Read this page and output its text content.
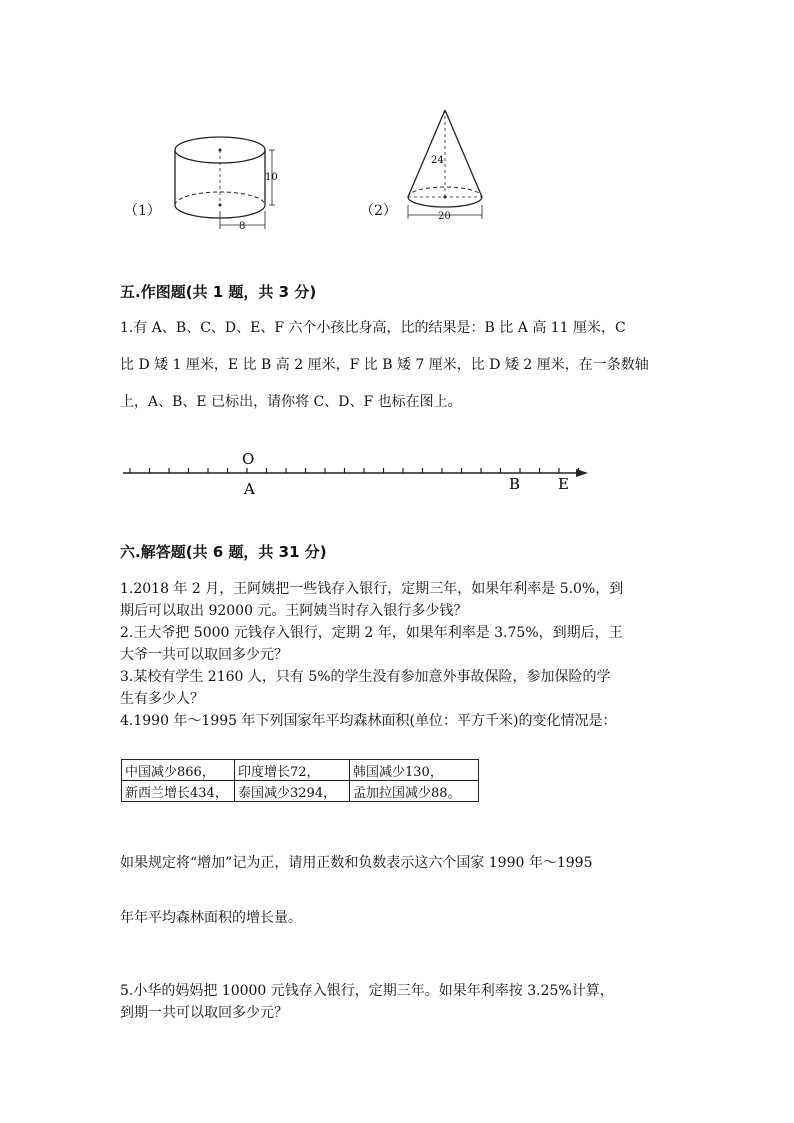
（1）
10
8
（2）
24
20
五.作图题(共 1 题，共 3 分)

1.有 A、B、C、D、E、F 六个小孩比身高，比的结果是：B 比 A 高 11 厘米，C

比 D 矮 1 厘米，E 比 B 高 2 厘米，F 比 B 矮 7 厘米，比 D 矮 2 厘米，在一条数轴

上，A、B、E 已标出，请你将 C、D、F 也标在图上。

O
A	B	E
六.解答题(共 6 题，共 31 分)

1.2018 年 2 月，王阿姨把一些钱存入银行，定期三年，如果年利率是 5.0%，到

期后可以取出 92000 元。王阿姨当时存入银行多少钱？

2.王大爷把 5000 元钱存入银行，定期 2 年，如果年利率是 3.75%，到期后，王

大爷一共可以取回多少元？

3.某校有学生 2160 人，只有 5%的学生没有参加意外事故保险，参加保险的学

生有多少人？

4.1990 年～1995 年下列国家年平均森林面积(单位：平方千米)的变化情况是：

中国减少866，	印度增长72，	韩国减少130，
新西兰增长434，	泰国减少3294，	孟加拉国减少88。
如果规定将“增加”记为正，请用正数和负数表示这六个国家 1990 年～1995
年年平均森林面积的增长量。

5.小华的妈妈把 10000 元钱存入银行，定期三年。如果年利率按 3.25%计算，

到期一共可以取回多少元？
